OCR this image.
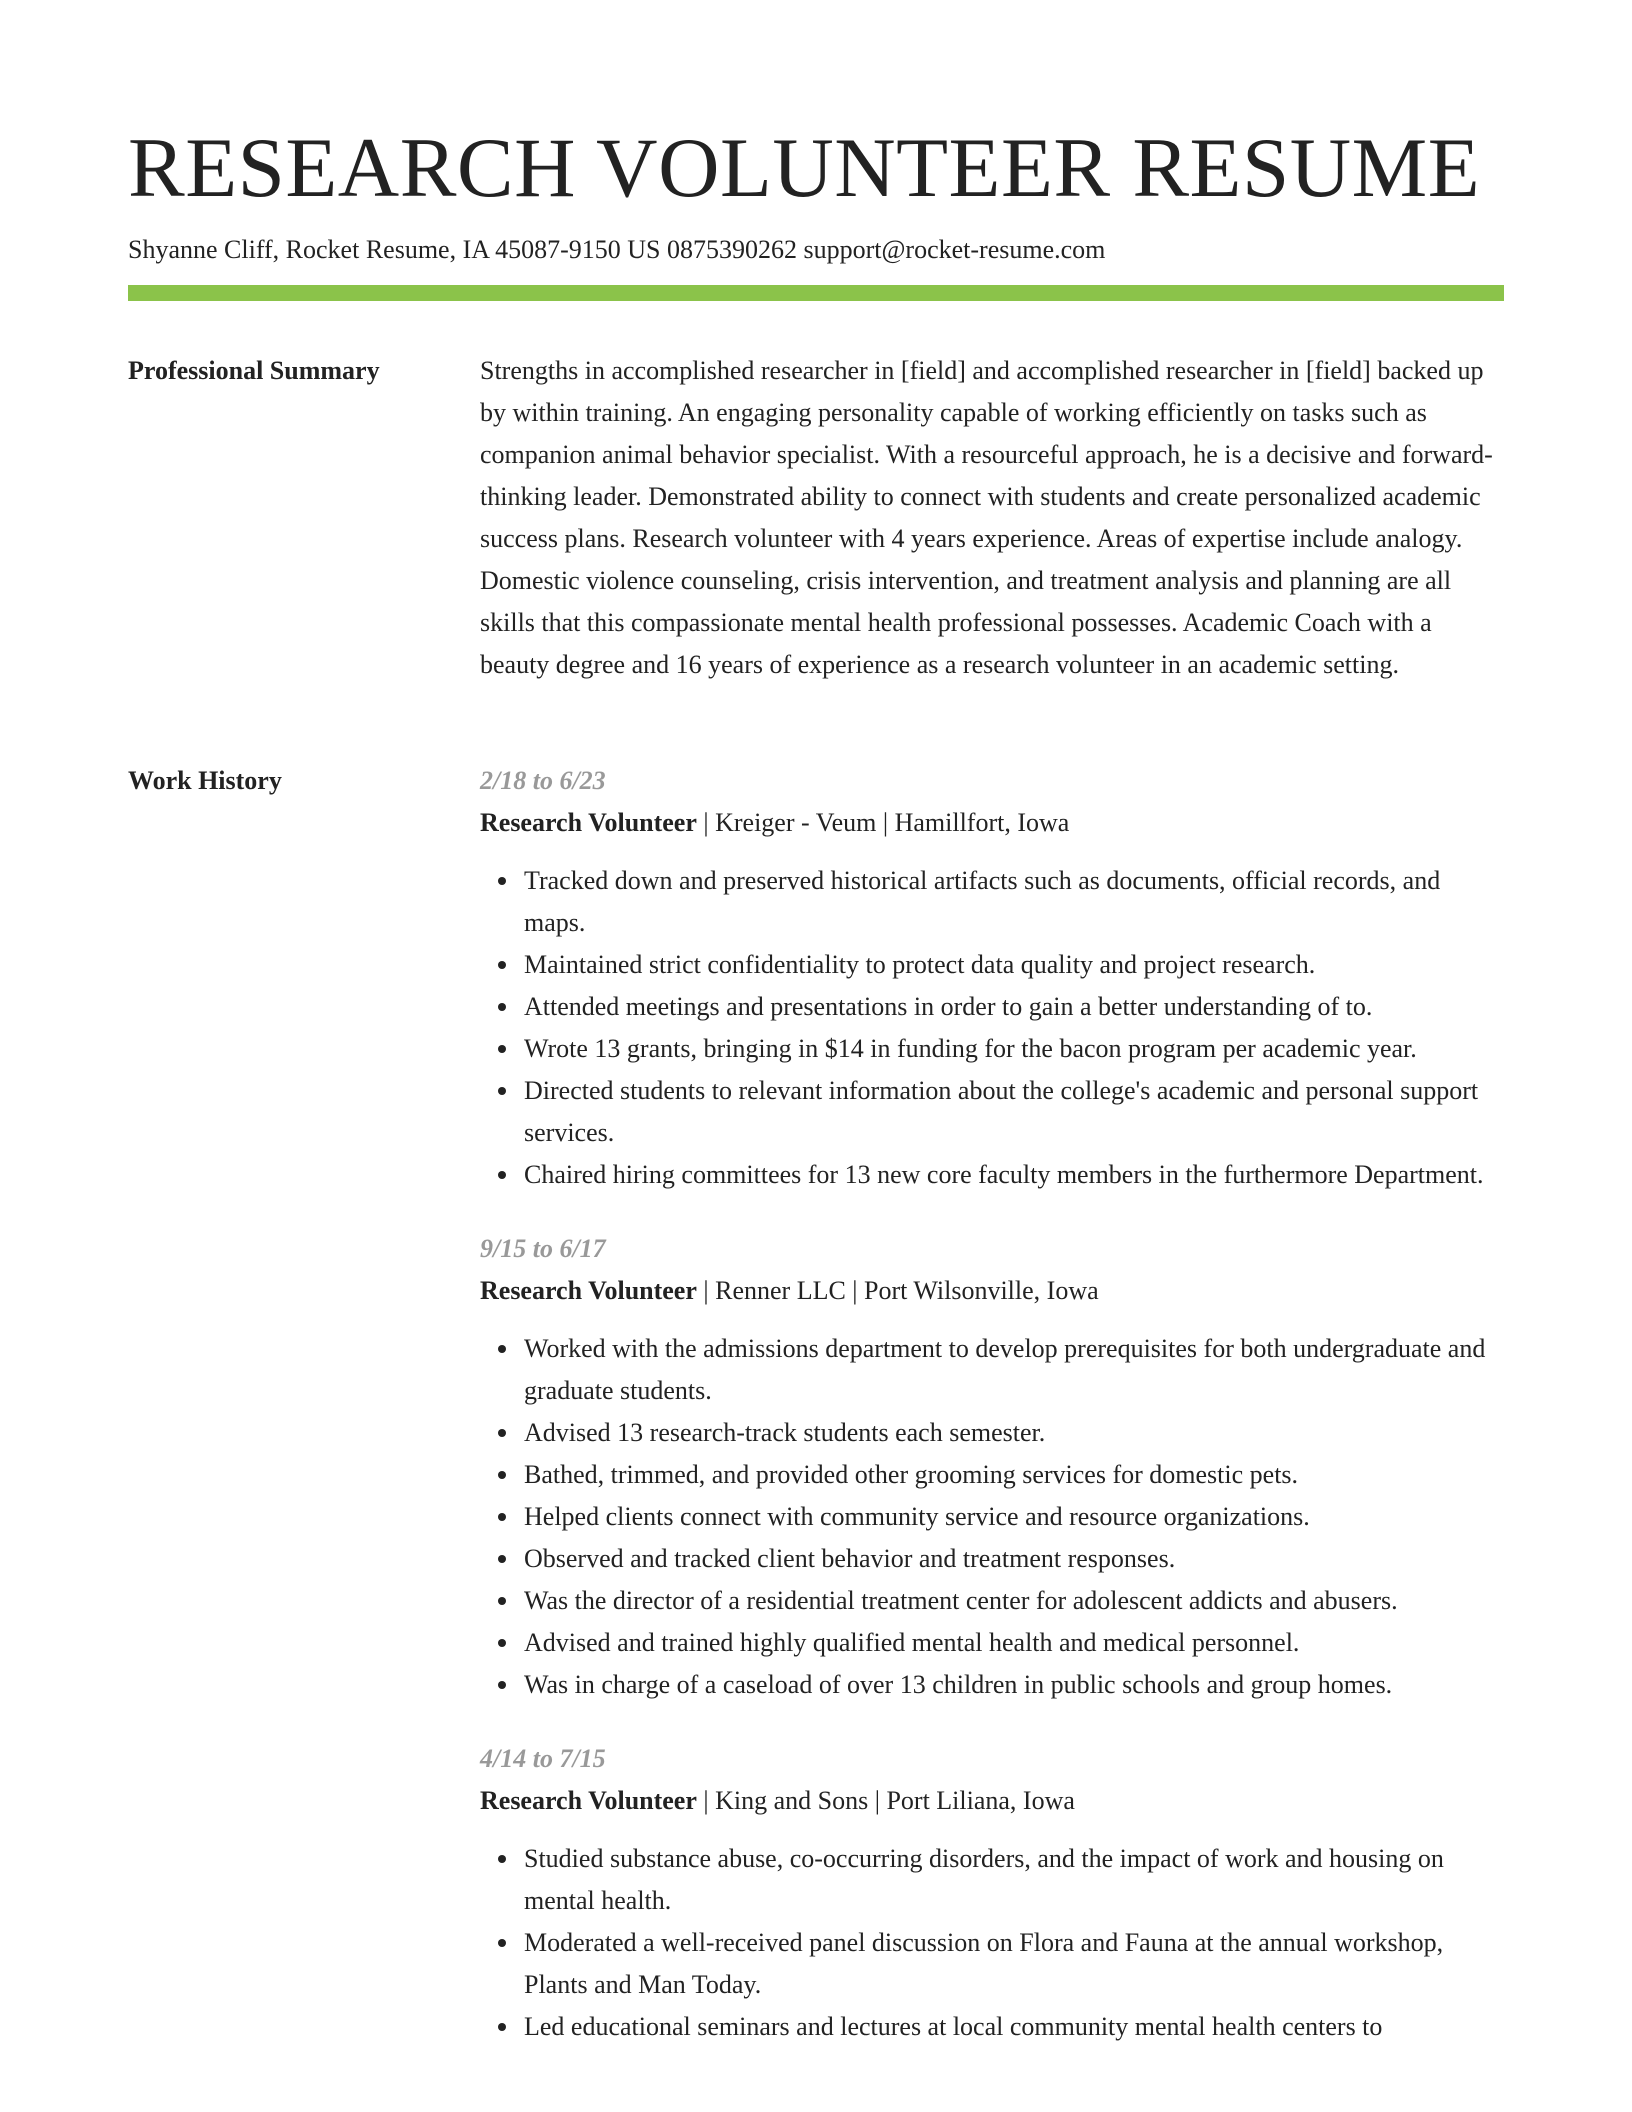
RESEARCH VOLUNTEER RESUME
Shyanne Cliff, Rocket Resume, IA 45087-9150 US 0875390262 support@rocket-resume.com
Professional Summary	Strengths in accomplished researcher in [field] and accomplished researcher in [field] backed up by within training. An engaging personality capable of working efficiently on tasks such as companion animal behavior specialist. With a resourceful approach, he is a decisive and forward-thinking leader. Demonstrated ability to connect with students and create personalized academic success plans. Research volunteer with 4 years experience. Areas of expertise include analogy. Domestic violence counseling, crisis intervention, and treatment analysis and planning are all skills that this compassionate mental health professional possesses. Academic Coach with a beauty degree and 16 years of experience as a research volunteer in an academic setting.

Work History	2/18 to 6/23
Research Volunteer | Kreiger - Veum | Hamillfort, Iowa
Tracked down and preserved historical artifacts such as documents, official records, and maps.
Maintained strict confidentiality to protect data quality and project research.
Attended meetings and presentations in order to gain a better understanding of to.
Wrote 13 grants, bringing in $14 in funding for the bacon program per academic year.
Directed students to relevant information about the college's academic and personal support services.
Chaired hiring committees for 13 new core faculty members in the furthermore Department.
9/15 to 6/17
Research Volunteer | Renner LLC | Port Wilsonville, Iowa
Worked with the admissions department to develop prerequisites for both undergraduate and graduate students.
Advised 13 research-track students each semester.
Bathed, trimmed, and provided other grooming services for domestic pets.
Helped clients connect with community service and resource organizations.
Observed and tracked client behavior and treatment responses.
Was the director of a residential treatment center for adolescent addicts and abusers.
Advised and trained highly qualified mental health and medical personnel.
Was in charge of a caseload of over 13 children in public schools and group homes.
4/14 to 7/15
Research Volunteer | King and Sons | Port Liliana, Iowa
Studied substance abuse, co-occurring disorders, and the impact of work and housing on mental health.
Moderated a well-received panel discussion on Flora and Fauna at the annual workshop, Plants and Man Today.
Led educational seminars and lectures at local community mental health centers to
